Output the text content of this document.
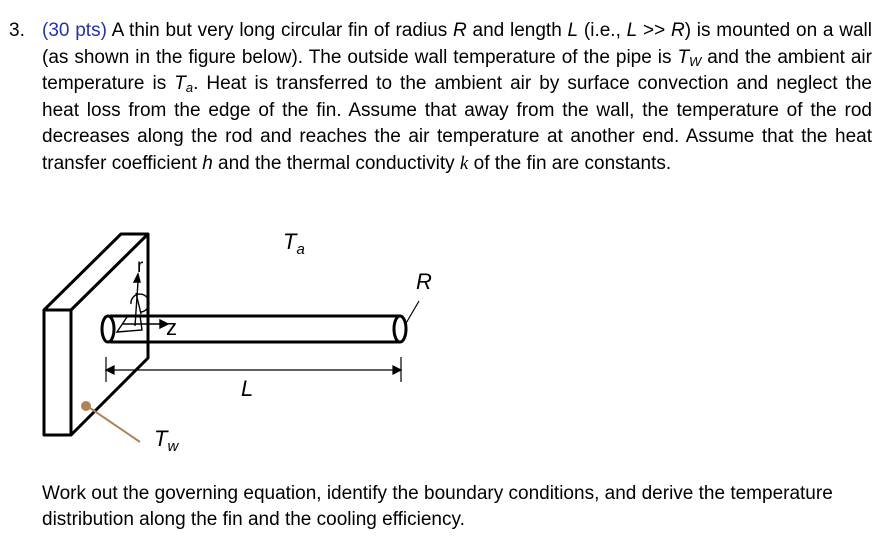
3. (30 pts) A thin but very long circular fin of radius R and length L (i.e., L >> R) is mounted on a wall (as shown in the figure below). The outside wall temperature of the pipe is $T_W$ and the ambient air temperature is $T_a$. Heat is transferred to the ambient air by surface convection and neglect the heat loss from the edge of the fin. Assume that away from the wall, the temperature of the rod decreases along the rod and reaches the air temperature at another end. Assume that the heat transfer coefficient h and the thermal conductivity k of the fin are constants.
$T_a$
R
r
z
L
$T_w$
Work out the governing equation, identify the boundary conditions, and derive the temperature distribution along the fin and the cooling efficiency.
